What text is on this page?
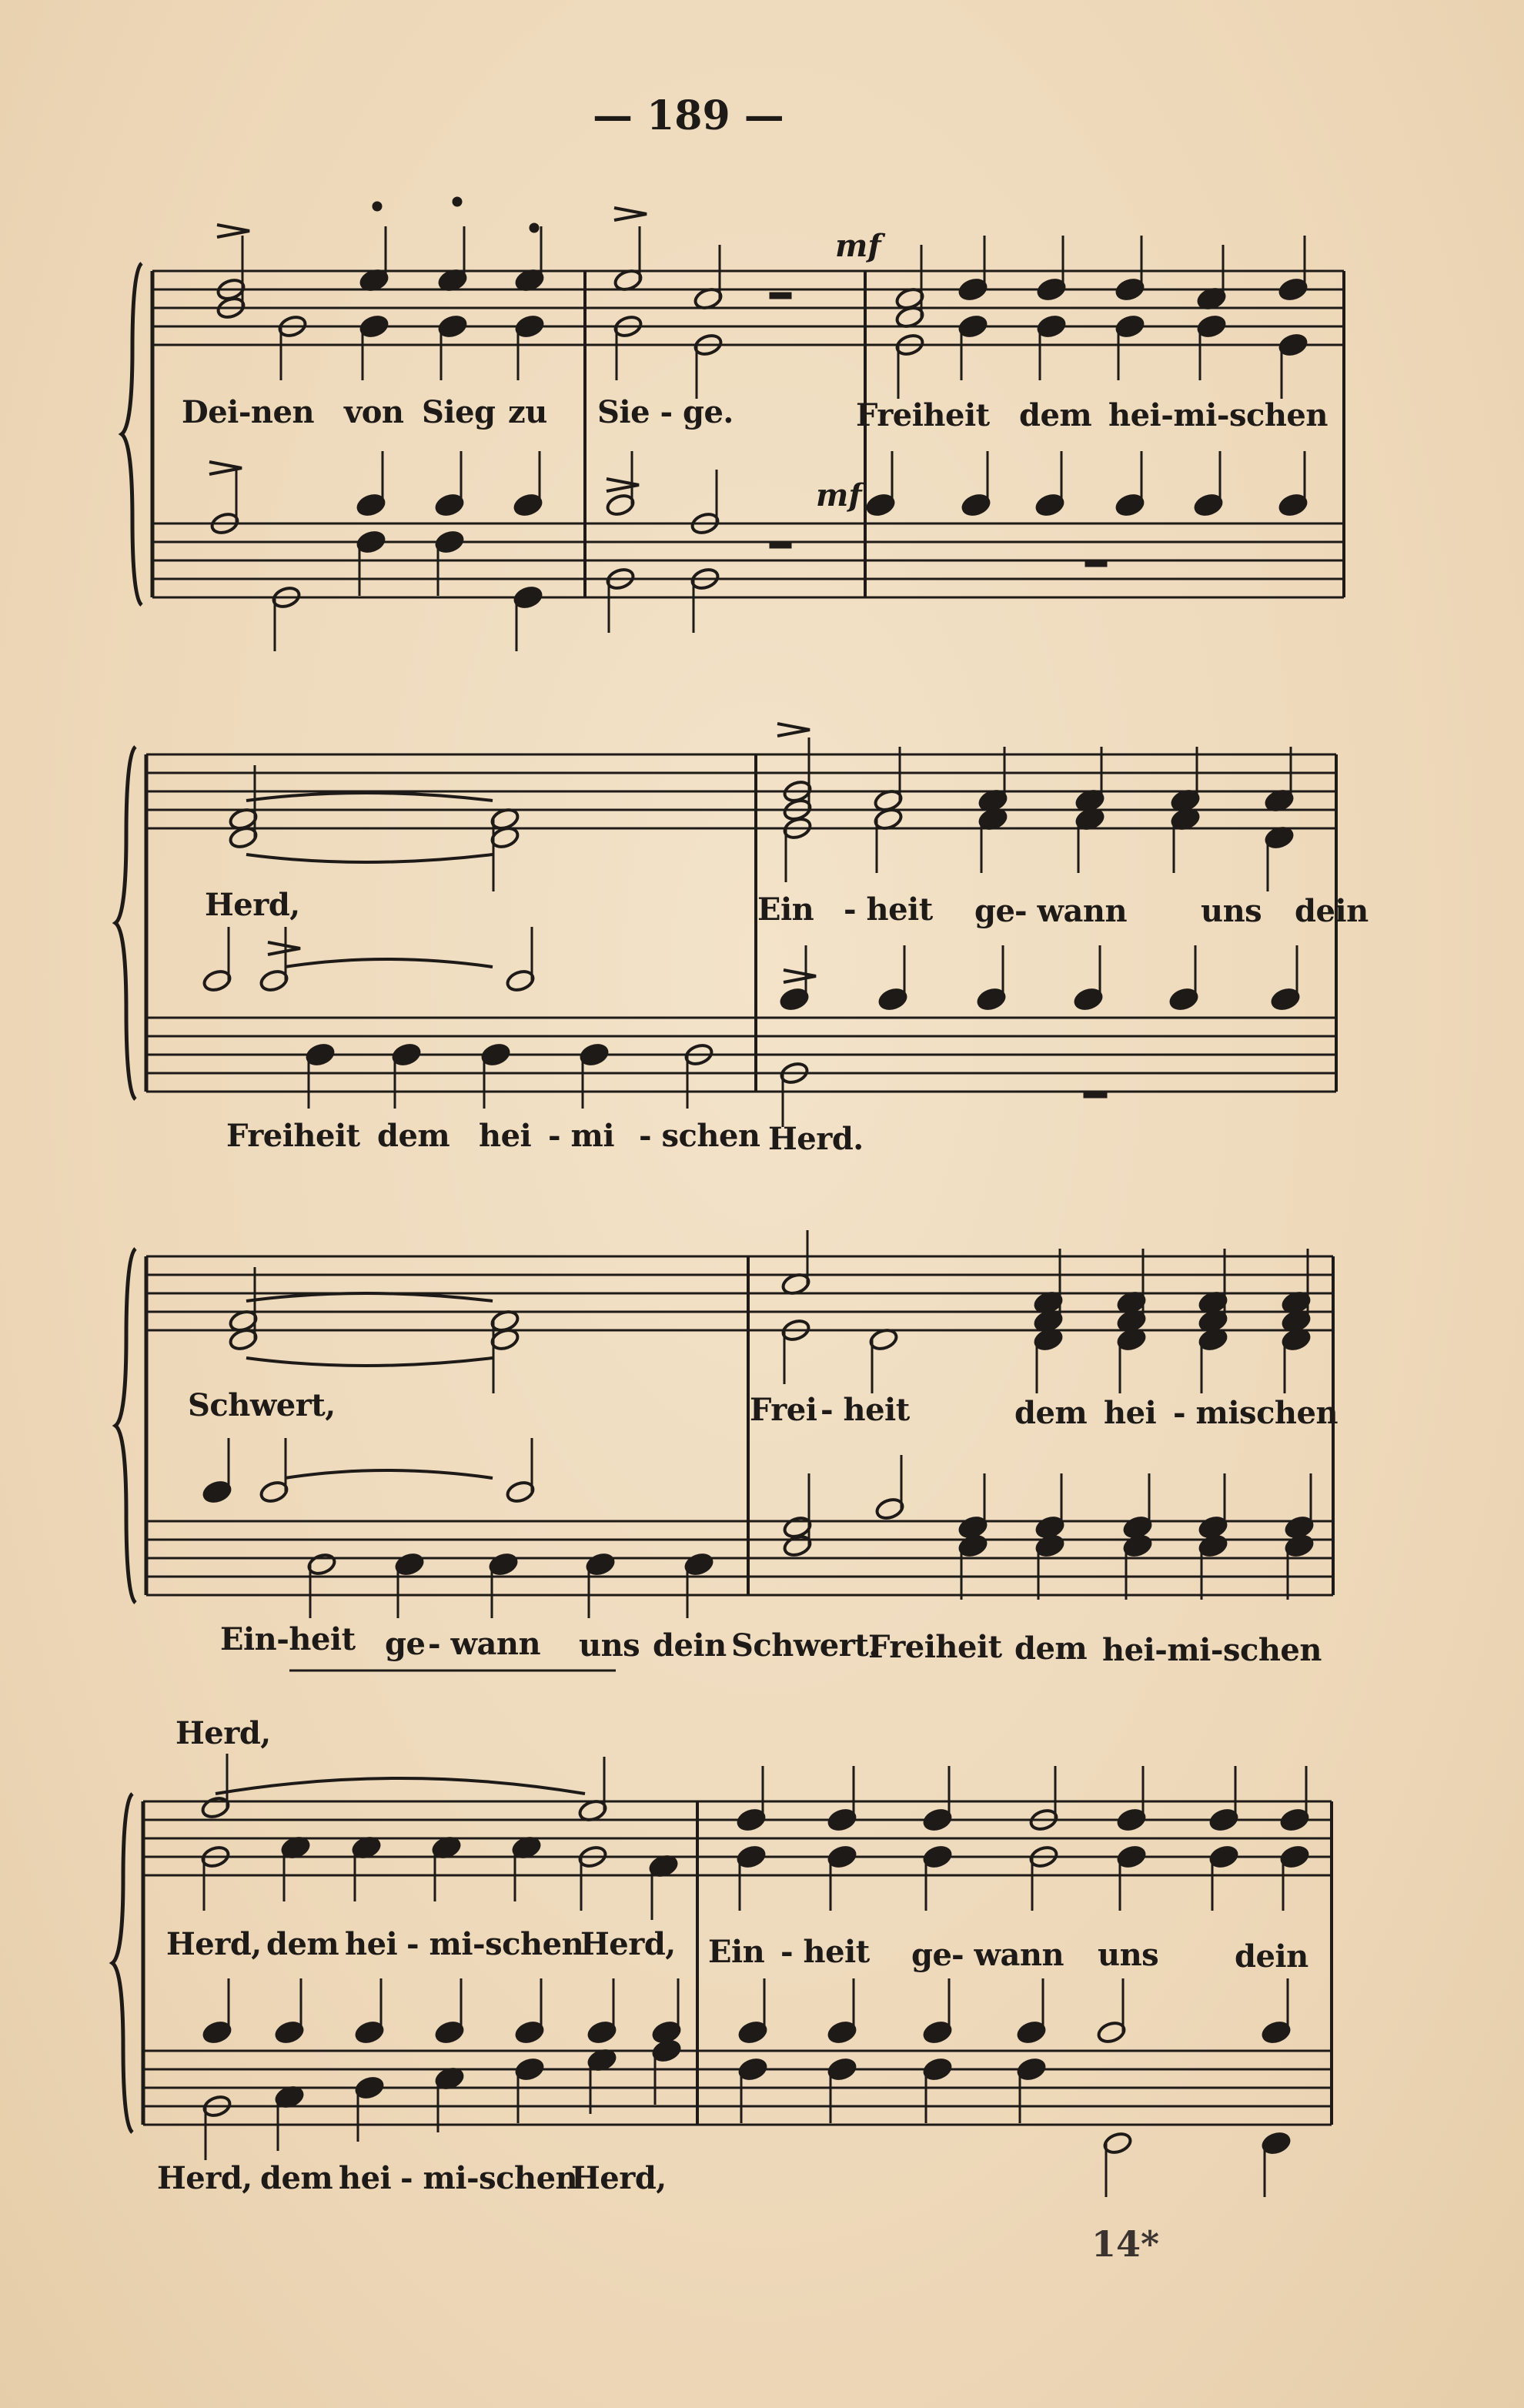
— 189 —
mf
mf
Dei-nen von Sieg zu Sie - ge.	Freiheit dem hei-mi-schen
Herd,	Ein - heit ge - wann uns dein
Freiheit dem hei - mi - schen Herd.
Schwert,	Frei - heit	dem hei - mischen
Ein-heit ge - wann uns dein Schwert.
Freiheit dem hei-mi-schen
Herd,
Herd, dem hei - mi-schen
Herd, Ein - heit ge - wann uns dein
Herd, dem hei - mi-schen
Herd,
14*
